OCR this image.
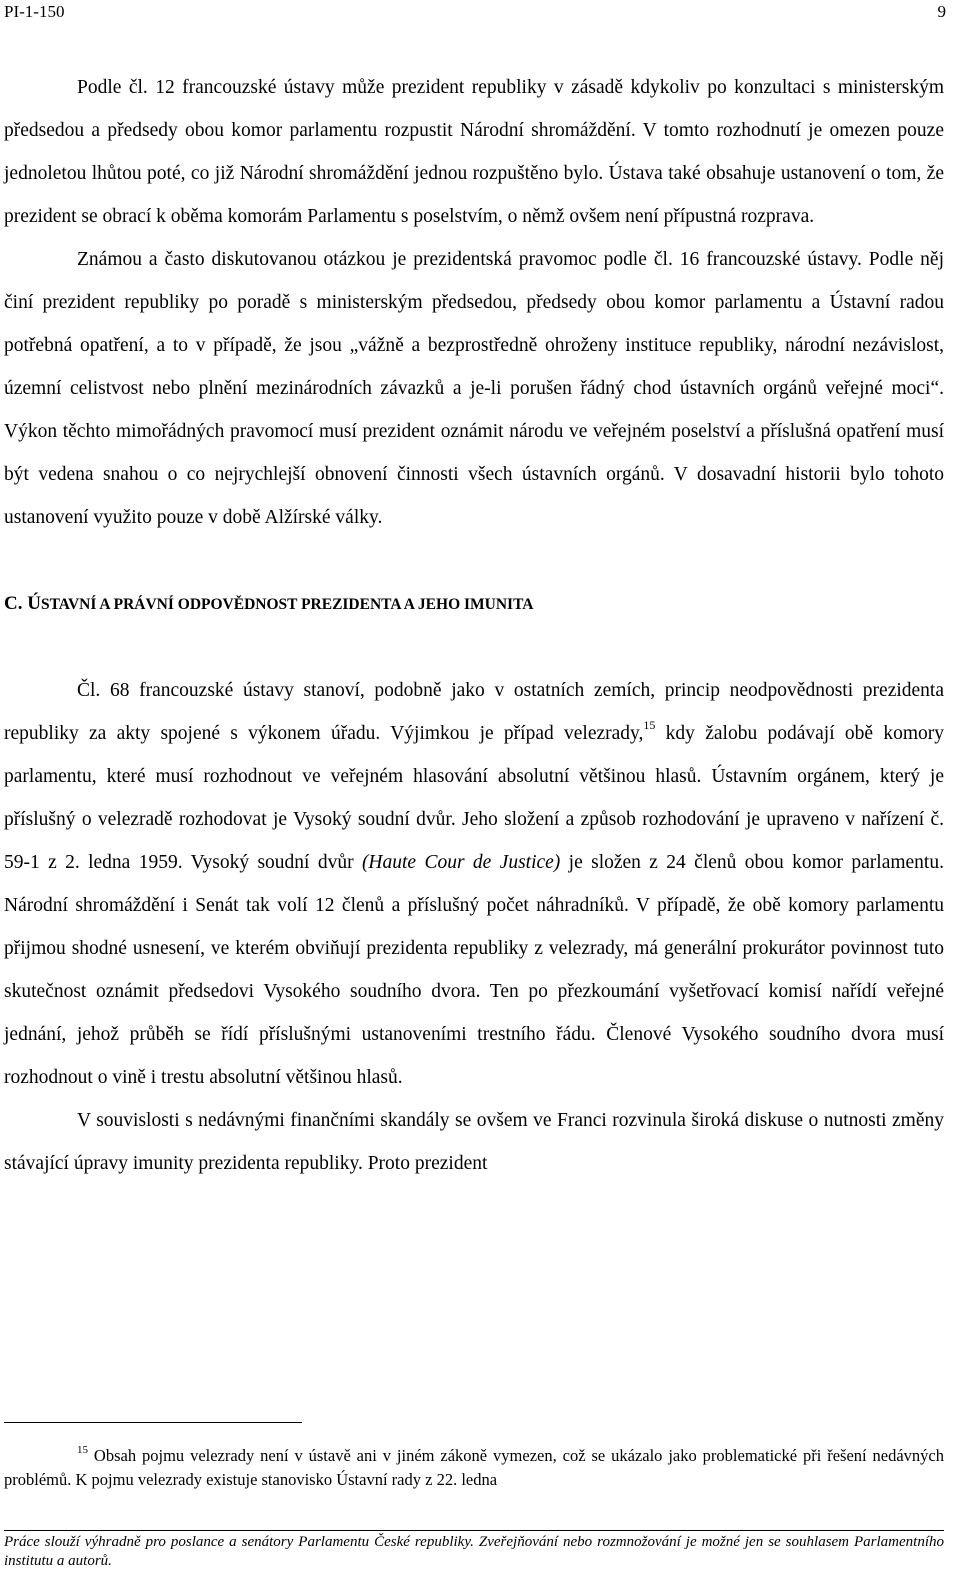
PI-1-150	9

Podle čl. 12 francouzské ústavy může prezident republiky v zásadě kdykoliv po konzultaci s ministerským předsedou a předsedy obou komor parlamentu rozpustit Národní shromáždění. V tomto rozhodnutí je omezen pouze jednoletou lhůtou poté, co již Národní shromáždění jednou rozpuštěno bylo. Ústava také obsahuje ustanovení o tom, že prezident se obrací k oběma komorám Parlamentu s poselstvím, o němž ovšem není přípustná rozprava.

Známou a často diskutovanou otázkou je prezidentská pravomoc podle čl. 16 francouzské ústavy. Podle něj činí prezident republiky po poradě s ministerským předsedou, předsedy obou komor parlamentu a Ústavní radou potřebná opatření, a to v případě, že jsou „vážně a bezprostředně ohroženy instituce republiky, národní nezávislost, územní celistvost nebo plnění mezinárodních závazků a je-li porušen řádný chod ústavních orgánů veřejné moci“. Výkon těchto mimořádných pravomocí musí prezident oznámit národu ve veřejném poselství a příslušná opatření musí být vedena snahou o co nejrychlejší obnovení činnosti všech ústavních orgánů. V dosavadní historii bylo tohoto ustanovení využito pouze v době Alžírské války.

C. ÚSTAVNÍ A PRÁVNÍ ODPOVĚDNOST PREZIDENTA A JEHO IMUNITA

Čl. 68 francouzské ústavy stanoví, podobně jako v ostatních zemích, princip neodpovědnosti prezidenta republiky za akty spojené s výkonem úřadu. Výjimkou je případ velezrady,$^{15}$ kdy žalobu podávají obě komory parlamentu, které musí rozhodnout ve veřejném hlasování absolutní většinou hlasů. Ústavním orgánem, který je příslušný o velezradě rozhodovat je Vysoký soudní dvůr. Jeho složení a způsob rozhodování je upraveno v nařízení č. 59-1 z 2. ledna 1959. Vysoký soudní dvůr (Haute Cour de Justice) je složen z 24 členů obou komor parlamentu. Národní shromáždění i Senát tak volí 12 členů a příslušný počet náhradníků. V případě, že obě komory parlamentu přijmou shodné usnesení, ve kterém obviňují prezidenta republiky z velezrady, má generální prokurátor povinnost tuto skutečnost oznámit předsedovi Vysokého soudního dvora. Ten po přezkoumání vyšetřovací komisí nařídí veřejné jednání, jehož průběh se řídí příslušnými ustanoveními trestního řádu. Členové Vysokého soudního dvora musí rozhodnout o vině i trestu absolutní většinou hlasů.

V souvislosti s nedávnými finančními skandály se ovšem ve Franci rozvinula široká diskuse o nutnosti změny stávající úpravy imunity prezidenta republiky. Proto prezident

$^{15}$ Obsah pojmu velezrady není v ústavě ani v jiném zákoně vymezen, což se ukázalo jako problematické při řešení nedávných problémů. K pojmu velezrady existuje stanovisko Ústavní rady z 22. ledna

Práce slouží výhradně pro poslance a senátory Parlamentu České republiky. Zveřejňování nebo rozmnožování je možné jen se souhlasem Parlamentního institutu a autorů.
